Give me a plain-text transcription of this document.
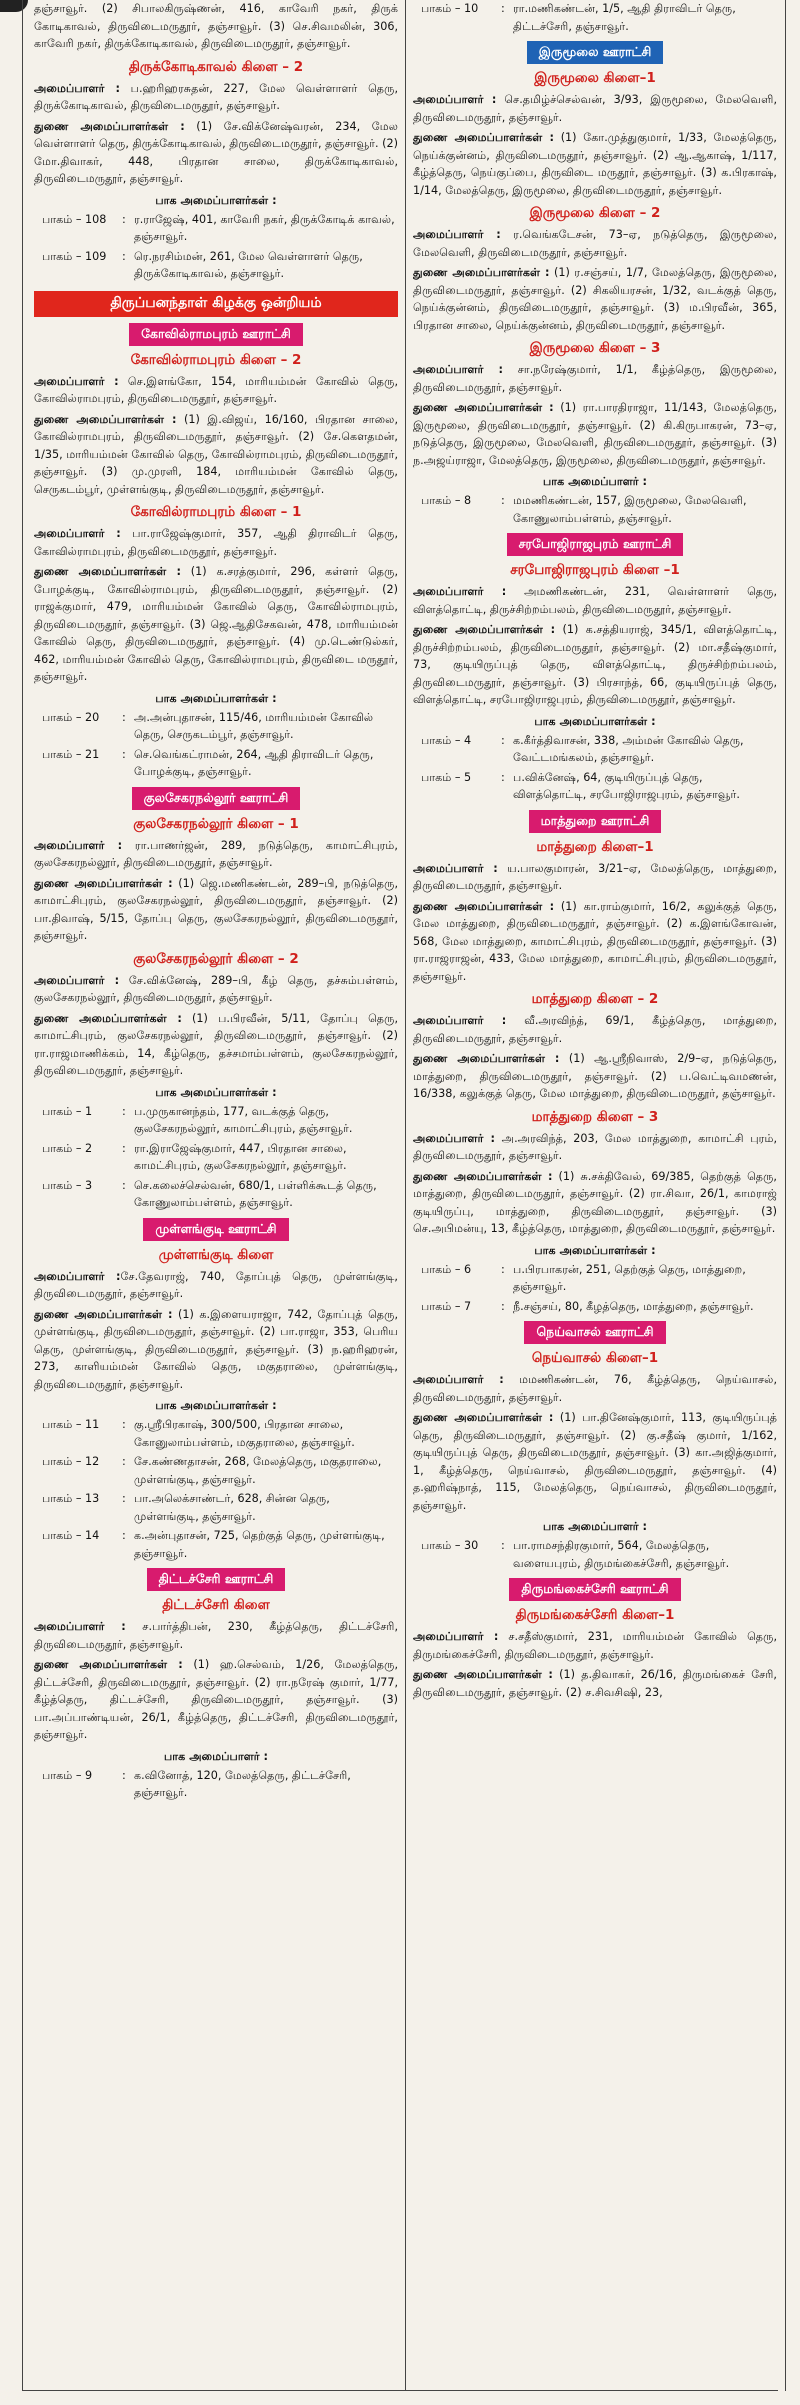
தஞ்சாவூர். (2) சிபாலகிருஷ்ணன், 416, காவேரி நகர், திருக் கோடிகாவல், திருவிடைமருதூர், தஞ்சாவூர். (3) செ.சிவமலின், 306, காவேரி நகர், திருக்கோடிகாவல், திருவிடைமருதூர், தஞ்சாவூர்.

திருக்கோடிகாவல் கிளை – 2

அமைப்பாளர் : ப.ஹரிஹரசுதன், 227, மேல வெள்ளாளர் தெரு, திருக்கோடிகாவல், திருவிடைமருதூர், தஞ்சாவூர்.

துணை அமைப்பாளர்கள் : (1) சே.விக்னேஷ்வரன், 234, மேல வெள்ளாளர் தெரு, திருக்கோடிகாவல், திருவிடைமருதூர், தஞ்சாவூர். (2) மோ.திவாகர், 448, பிரதான சாலை, திருக்கோடிகாவல், திருவிடைமருதூர், தஞ்சாவூர்.

பாக அமைப்பாளர்கள் :
பாகம் – 108	: ர.ராஜேஷ், 401, காவேரி நகர், திருக்கோடிக் காவல், தஞ்சாவூர்.
பாகம் – 109	: ரெ.நரசிம்மன், 261, மேல வெள்ளாளர் தெரு, திருக்கோடிகாவல், தஞ்சாவூர்.
திருப்பனந்தாள் கிழக்கு ஒன்றியம்
கோவில்ராமபுரம் ஊராட்சி
கோவில்ராமபுரம் கிளை – 2

அமைப்பாளர் : செ.இளங்கோ, 154, மாரியம்மன் கோவில் தெரு, கோவில்ராமபுரம், திருவிடைமருதூர், தஞ்சாவூர்.

துணை அமைப்பாளர்கள் : (1) இ.விஜய், 16/160, பிரதான சாலை, கோவில்ராமபுரம், திருவிடைமருதூர், தஞ்சாவூர். (2) சே.கௌதமன், 1/35, மாரியம்மன் கோவில் தெரு, கோவில்ராமபுரம், திருவிடைமருதூர், தஞ்சாவூர். (3) மு.முரளி, 184, மாரியம்மன் கோவில் தெரு, செருகடம்பூர், முள்ளங்குடி, திருவிடைமருதூர், தஞ்சாவூர்.

கோவில்ராமபுரம் கிளை – 1

அமைப்பாளர் : பா.ராஜேஷ்குமார், 357, ஆதி திராவிடர் தெரு, கோவில்ராமபுரம், திருவிடைமருதூர், தஞ்சாவூர்.

துணை அமைப்பாளர்கள் : (1) க.சரத்குமார், 296, கள்ளர் தெரு, போழக்குடி, கோவில்ராமபுரம், திருவிடைமருதூர், தஞ்சாவூர். (2) ராஜக்குமார், 479, மாரியம்மன் கோவில் தெரு, கோவில்ராமபுரம், திருவிடைமருதூர், தஞ்சாவூர். (3) ஜெ.ஆதிசேகவன், 478, மாரியம்மன் கோவில் தெரு, திருவிடைமருதூர், தஞ்சாவூர். (4) மு.டெண்டுல்கர், 462, மாரியம்மன் கோவில் தெரு, கோவில்ராமபுரம், திருவிடை மருதூர், தஞ்சாவூர்.

பாக அமைப்பாளர்கள் :
பாகம் – 20	: அ.அன்புதாசன், 115/46, மாரியம்மன் கோவில் தெரு, செருகடம்பூர், தஞ்சாவூர்.
பாகம் – 21	: செ.வெங்கட்ராமன், 264, ஆதி திராவிடர் தெரு, போழக்குடி, தஞ்சாவூர்.
குலசேகரநல்லூர் ஊராட்சி
குலசேகரநல்லூர் கிளை – 1

அமைப்பாளர் : ரா.பாணர்ஜன், 289, நடுத்தெரு, காமாட்சிபுரம், குலசேகரநல்லூர், திருவிடைமருதூர், தஞ்சாவூர்.

துணை அமைப்பாளர்கள் : (1) ஜெ.மணிகண்டன், 289–பி, நடுத்தெரு, காமாட்சிபுரம், குலசேகரநல்லூர், திருவிடைமருதூர், தஞ்சாவூர். (2) பா.திவாஷ், 5/15, தோப்பு தெரு, குலசேகரநல்லூர், திருவிடைமருதூர், தஞ்சாவூர்.

குலசேகரநல்லூர் கிளை – 2

அமைப்பாளர் : சே.விக்னேஷ், 289–பி, கீழ் தெரு, தச்சும்பள்ளம், குலசேகரநல்லூர், திருவிடைமருதூர், தஞ்சாவூர்.

துணை அமைப்பாளர்கள் : (1) ப.பிரவீன், 5/11, தோப்பு தெரு, காமாட்சிபுரம், குலசேகரநல்லூர், திருவிடைமருதூர், தஞ்சாவூர். (2) ரா.ராஜமாணிக்கம், 14, கீழ்தெரு, தச்சமாம்பள்ளம், குலசேகரநல்லூர், திருவிடைமருதூர், தஞ்சாவூர்.

பாக அமைப்பாளர்கள் :
பாகம் – 1	: ப.முருகானந்தம், 177, வடக்குத் தெரு, குலசேகரநல்லூர், காமாட்சிபுரம், தஞ்சாவூர்.
பாகம் – 2	: ரா.இராஜேஷ்குமார், 447, பிரதான சாலை, காமட்சிபுரம், குலசேகரநல்லூர், தஞ்சாவூர்.
பாகம் – 3	: செ.கலைச்செல்வன், 680/1, பள்ளிக்கூடத் தெரு, கோணுலாம்பள்ளம், தஞ்சாவூர்.
முள்ளங்குடி ஊராட்சி
முள்ளங்குடி கிளை

அமைப்பாளர் :சே.தேவராஜ், 740, தோப்புத் தெரு, முள்ளங்குடி, திருவிடைமருதூர், தஞ்சாவூர்.

துணை அமைப்பாளர்கள் : (1) க.இளையராஜா, 742, தோப்புத் தெரு, முள்ளங்குடி, திருவிடைமருதூர், தஞ்சாவூர். (2) பா.ராஜா, 353, பெரிய தெரு, முள்ளங்குடி, திருவிடைமருதூர், தஞ்சாவூர். (3) ந.ஹரிஹரன், 273, காளியம்மன் கோவில் தெரு, மகுதராலை, முள்ளங்குடி, திருவிடைமருதூர், தஞ்சாவூர்.

பாக அமைப்பாளர்கள் :
பாகம் – 11	: கு.ஸ்ரீபிரகாஷ், 300/500, பிரதான சாலை, கோனுலாம்பள்ளம், மகுதராலை, தஞ்சாவூர்.
பாகம் – 12	: சே.கண்ணதாசன், 268, மேலத்தெரு, மகுதராலை, முள்ளங்குடி, தஞ்சாவூர்.
பாகம் – 13	: பா.அலெக்சாண்டர், 628, சின்ன தெரு, முள்ளங்குடி, தஞ்சாவூர்.
பாகம் – 14	: க.அன்புதாசன், 725, தெற்குத் தெரு, முள்ளங்குடி, தஞ்சாவூர்.
திட்டச்சேரி ஊராட்சி
திட்டச்சேரி கிளை

அமைப்பாளர் : ச.பார்த்திபன், 230, கீழ்த்தெரு, திட்டச்சேரி, திருவிடைமருதூர், தஞ்சாவூர்.

துணை அமைப்பாளர்கள் : (1) ஹ.செல்வம், 1/26, மேலத்தெரு, திட்டச்சேரி, திருவிடைமருதூர், தஞ்சாவூர். (2) ரா.நரேஷ் குமார், 1/77, கீழ்த்தெரு, திட்டச்சேரி, திருவிடைமருதூர், தஞ்சாவூர். (3) பா.அப்பாண்டியன், 26/1, கீழ்த்தெரு, திட்டச்சேரி, திருவிடைமருதூர், தஞ்சாவூர்.

பாக அமைப்பாளர் :
பாகம் – 9	: க.வினோத், 120, மேலத்தெரு, திட்டச்சேரி, தஞ்சாவூர்.
பாகம் – 10	: ரா.மணிகண்டன், 1/5, ஆதி திராவிடர் தெரு, திட்டச்சேரி, தஞ்சாவூர்.
இருமூலை ஊராட்சி
இருமூலை கிளை–1

அமைப்பாளர் : செ.தமிழ்ச்செல்வன், 3/93, இருமூலை, மேலவெளி, திருவிடைமருதூர், தஞ்சாவூர்.

துணை அமைப்பாளர்கள் : (1) கோ.முத்துகுமார், 1/33, மேலத்தெரு, நெய்க்குன்னம், திருவிடைமருதூர், தஞ்சாவூர். (2) ஆ.ஆகாஷ், 1/117, கீழ்த்தெரு, நெய்குப்பை, திருவிடை மருதூர், தஞ்சாவூர். (3) க.பிரகாஷ், 1/14, மேலத்தெரு, இருமூலை, திருவிடைமருதூர், தஞ்சாவூர்.

இருமூலை கிளை – 2

அமைப்பாளர் : ர.வெங்கடேசன், 73–ஏ, நடுத்தெரு, இருமூலை, மேலவெளி, திருவிடைமருதூர், தஞ்சாவூர்.

துணை அமைப்பாளர்கள் : (1) ர.சஞ்சய், 1/7, மேலத்தெரு, இருமூலை, திருவிடைமருதூர், தஞ்சாவூர். (2) சிகலியரசன், 1/32, வடக்குத் தெரு, நெய்க்குன்னம், திருவிடைமருதூர், தஞ்சாவூர். (3) ம.பிரவீன், 365, பிரதான சாலை, நெய்க்குன்னம், திருவிடைமருதூர், தஞ்சாவூர்.

இருமூலை கிளை – 3

அமைப்பாளர் : சா.நரேஷ்குமார், 1/1, கீழ்த்தெரு, இருமூலை, திருவிடைமருதூர், தஞ்சாவூர்.

துணை அமைப்பாளர்கள் : (1) ரா.பாரதிராஜா, 11/143, மேலத்தெரு, இருமூலை, திருவிடைமருதூர், தஞ்சாவூர். (2) கி.கிருபாகரன், 73–ஏ, நடுத்தெரு, இருமூலை, மேலவெளி, திருவிடைமருதூர், தஞ்சாவூர். (3) ந.அஜய்ராஜா, மேலத்தெரு, இருமூலை, திருவிடைமருதூர், தஞ்சாவூர்.

பாக அமைப்பாளர் :
பாகம் – 8	: மமணிகண்டன், 157, இருமூலை, மேலவெளி, கோணுலாம்பள்ளம், தஞ்சாவூர்.
சரபோஜிராஜபுரம் ஊராட்சி
சரபோஜிராஜபுரம் கிளை –1

அமைப்பாளர் : அமணிகண்டன், 231, வெள்ளாளர் தெரு, விளத்தொட்டி, திருச்சிற்றம்பலம், திருவிடைமருதூர், தஞ்சாவூர்.

துணை அமைப்பாளர்கள் : (1) க.சத்தியராஜ், 345/1, விளத்தொட்டி, திருச்சிற்றம்பலம், திருவிடைமருதூர், தஞ்சாவூர். (2) மா.சதீஷ்குமார், 73, குடியிருப்புத் தெரு, விளத்தொட்டி, திருச்சிற்றம்பலம், திருவிடைமருதூர், தஞ்சாவூர். (3) பிரசாந்த், 66, குடியிருப்புத் தெரு, விளத்தொட்டி, சரபோஜிராஜபுரம், திருவிடைமருதூர், தஞ்சாவூர்.

பாக அமைப்பாளர்கள் :
பாகம் – 4	: க.கீர்த்திவாசன், 338, அம்மன் கோவில் தெரு, வேட்டமங்கலம், தஞ்சாவூர்.
பாகம் – 5	: ப.விக்னேஷ், 64, குடியிருப்புத் தெரு, விளத்தொட்டி, சரபோஜிராஜபுரம், தஞ்சாவூர்.
மாத்துறை ஊராட்சி
மாத்துறை கிளை–1

அமைப்பாளர் : ய.பாலகுமாரன், 3/21–ஏ, மேலத்தெரு, மாத்துறை, திருவிடைமருதூர், தஞ்சாவூர்.

துணை அமைப்பாளர்கள் : (1) கா.ராம்குமார், 16/2, கலுக்குத் தெரு, மேல மாத்துறை, திருவிடைமருதூர், தஞ்சாவூர். (2) க.இளங்கோவன், 568, மேல மாத்துறை, காமாட்சிபுரம், திருவிடைமருதூர், தஞ்சாவூர். (3) ரா.ராஜராஜன், 433, மேல மாத்துறை, காமாட்சிபுரம், திருவிடைமருதூர், தஞ்சாவூர்.

மாத்துறை கிளை – 2

அமைப்பாளர் : வீ.அரவிந்த், 69/1, கீழ்த்தெரு, மாத்துறை, திருவிடைமருதூர், தஞ்சாவூர்.

துணை அமைப்பாளர்கள் : (1) ஆ.ஸ்ரீநிவாஸ், 2/9–ஏ, நடுத்தெரு, மாத்துறை, திருவிடைமருதூர், தஞ்சாவூர். (2) ப.வெட்டிவமணன், 16/338, கலுக்குத் தெரு, மேல மாத்துறை, திருவிடைமருதூர், தஞ்சாவூர்.

மாத்துறை கிளை – 3

அமைப்பாளர் : அ.அரவிந்த், 203, மேல மாத்துறை, காமாட்சி புரம், திருவிடைமருதூர், தஞ்சாவூர்.

துணை அமைப்பாளர்கள் : (1) சு.சக்திவேல், 69/385, தெற்குத் தெரு, மாத்துறை, திருவிடைமருதூர், தஞ்சாவூர். (2) ரா.சிவா, 26/1, காமராஜ் குடியிருப்பு, மாத்துறை, திருவிடைமருதூர், தஞ்சாவூர். (3) செ.அபிமன்யு, 13, கீழ்த்தெரு, மாத்துறை, திருவிடைமருதூர், தஞ்சாவூர்.

பாக அமைப்பாளர்கள் :
பாகம் – 6	: ப.பிரபாகரன், 251, தெற்குத் தெரு, மாத்துறை, தஞ்சாவூர்.
பாகம் – 7	: நீ.சஞ்சய், 80, கீழத்தெரு, மாத்துறை, தஞ்சாவூர்.
நெய்வாசல் ஊராட்சி
நெய்வாசல் கிளை–1

அமைப்பாளர் : மமணிகண்டன், 76, கீழ்த்தெரு, நெய்வாசல், திருவிடைமருதூர், தஞ்சாவூர்.

துணை அமைப்பாளர்கள் : (1) பா.தினேஷ்குமார், 113, குடியிருப்புத் தெரு, திருவிடைமருதூர், தஞ்சாவூர். (2) கு.சதீஷ் குமார், 1/162, குடியிருப்புத் தெரு, திருவிடைமருதூர், தஞ்சாவூர். (3) கா.அஜித்குமார், 1, கீழ்த்தெரு, நெய்வாசல், திருவிடைமருதூர், தஞ்சாவூர். (4) த.ஹரிஷ்நாத், 115, மேலத்தெரு, நெய்வாசல், திருவிடைமருதூர், தஞ்சாவூர்.

பாக அமைப்பாளர் :
பாகம் – 30	: பா.ராமசந்திரகுமார், 564, மேலத்தெரு, வளையபுரம், திருமங்கைச்சேரி, தஞ்சாவூர்.
திருமங்கைச்சேரி ஊராட்சி
திருமங்கைச்சேரி கிளை–1

அமைப்பாளர் : ச.சதீஸ்குமார், 231, மாரியம்மன் கோவில் தெரு, திருமங்கைச்சேரி, திருவிடைமருதூர், தஞ்சாவூர்.

துணை அமைப்பாளர்கள் : (1) த.திவாகர், 26/16, திருமங்கைச் சேரி, திருவிடைமருதூர், தஞ்சாவூர். (2) ச.சிவசிஷி, 23,
